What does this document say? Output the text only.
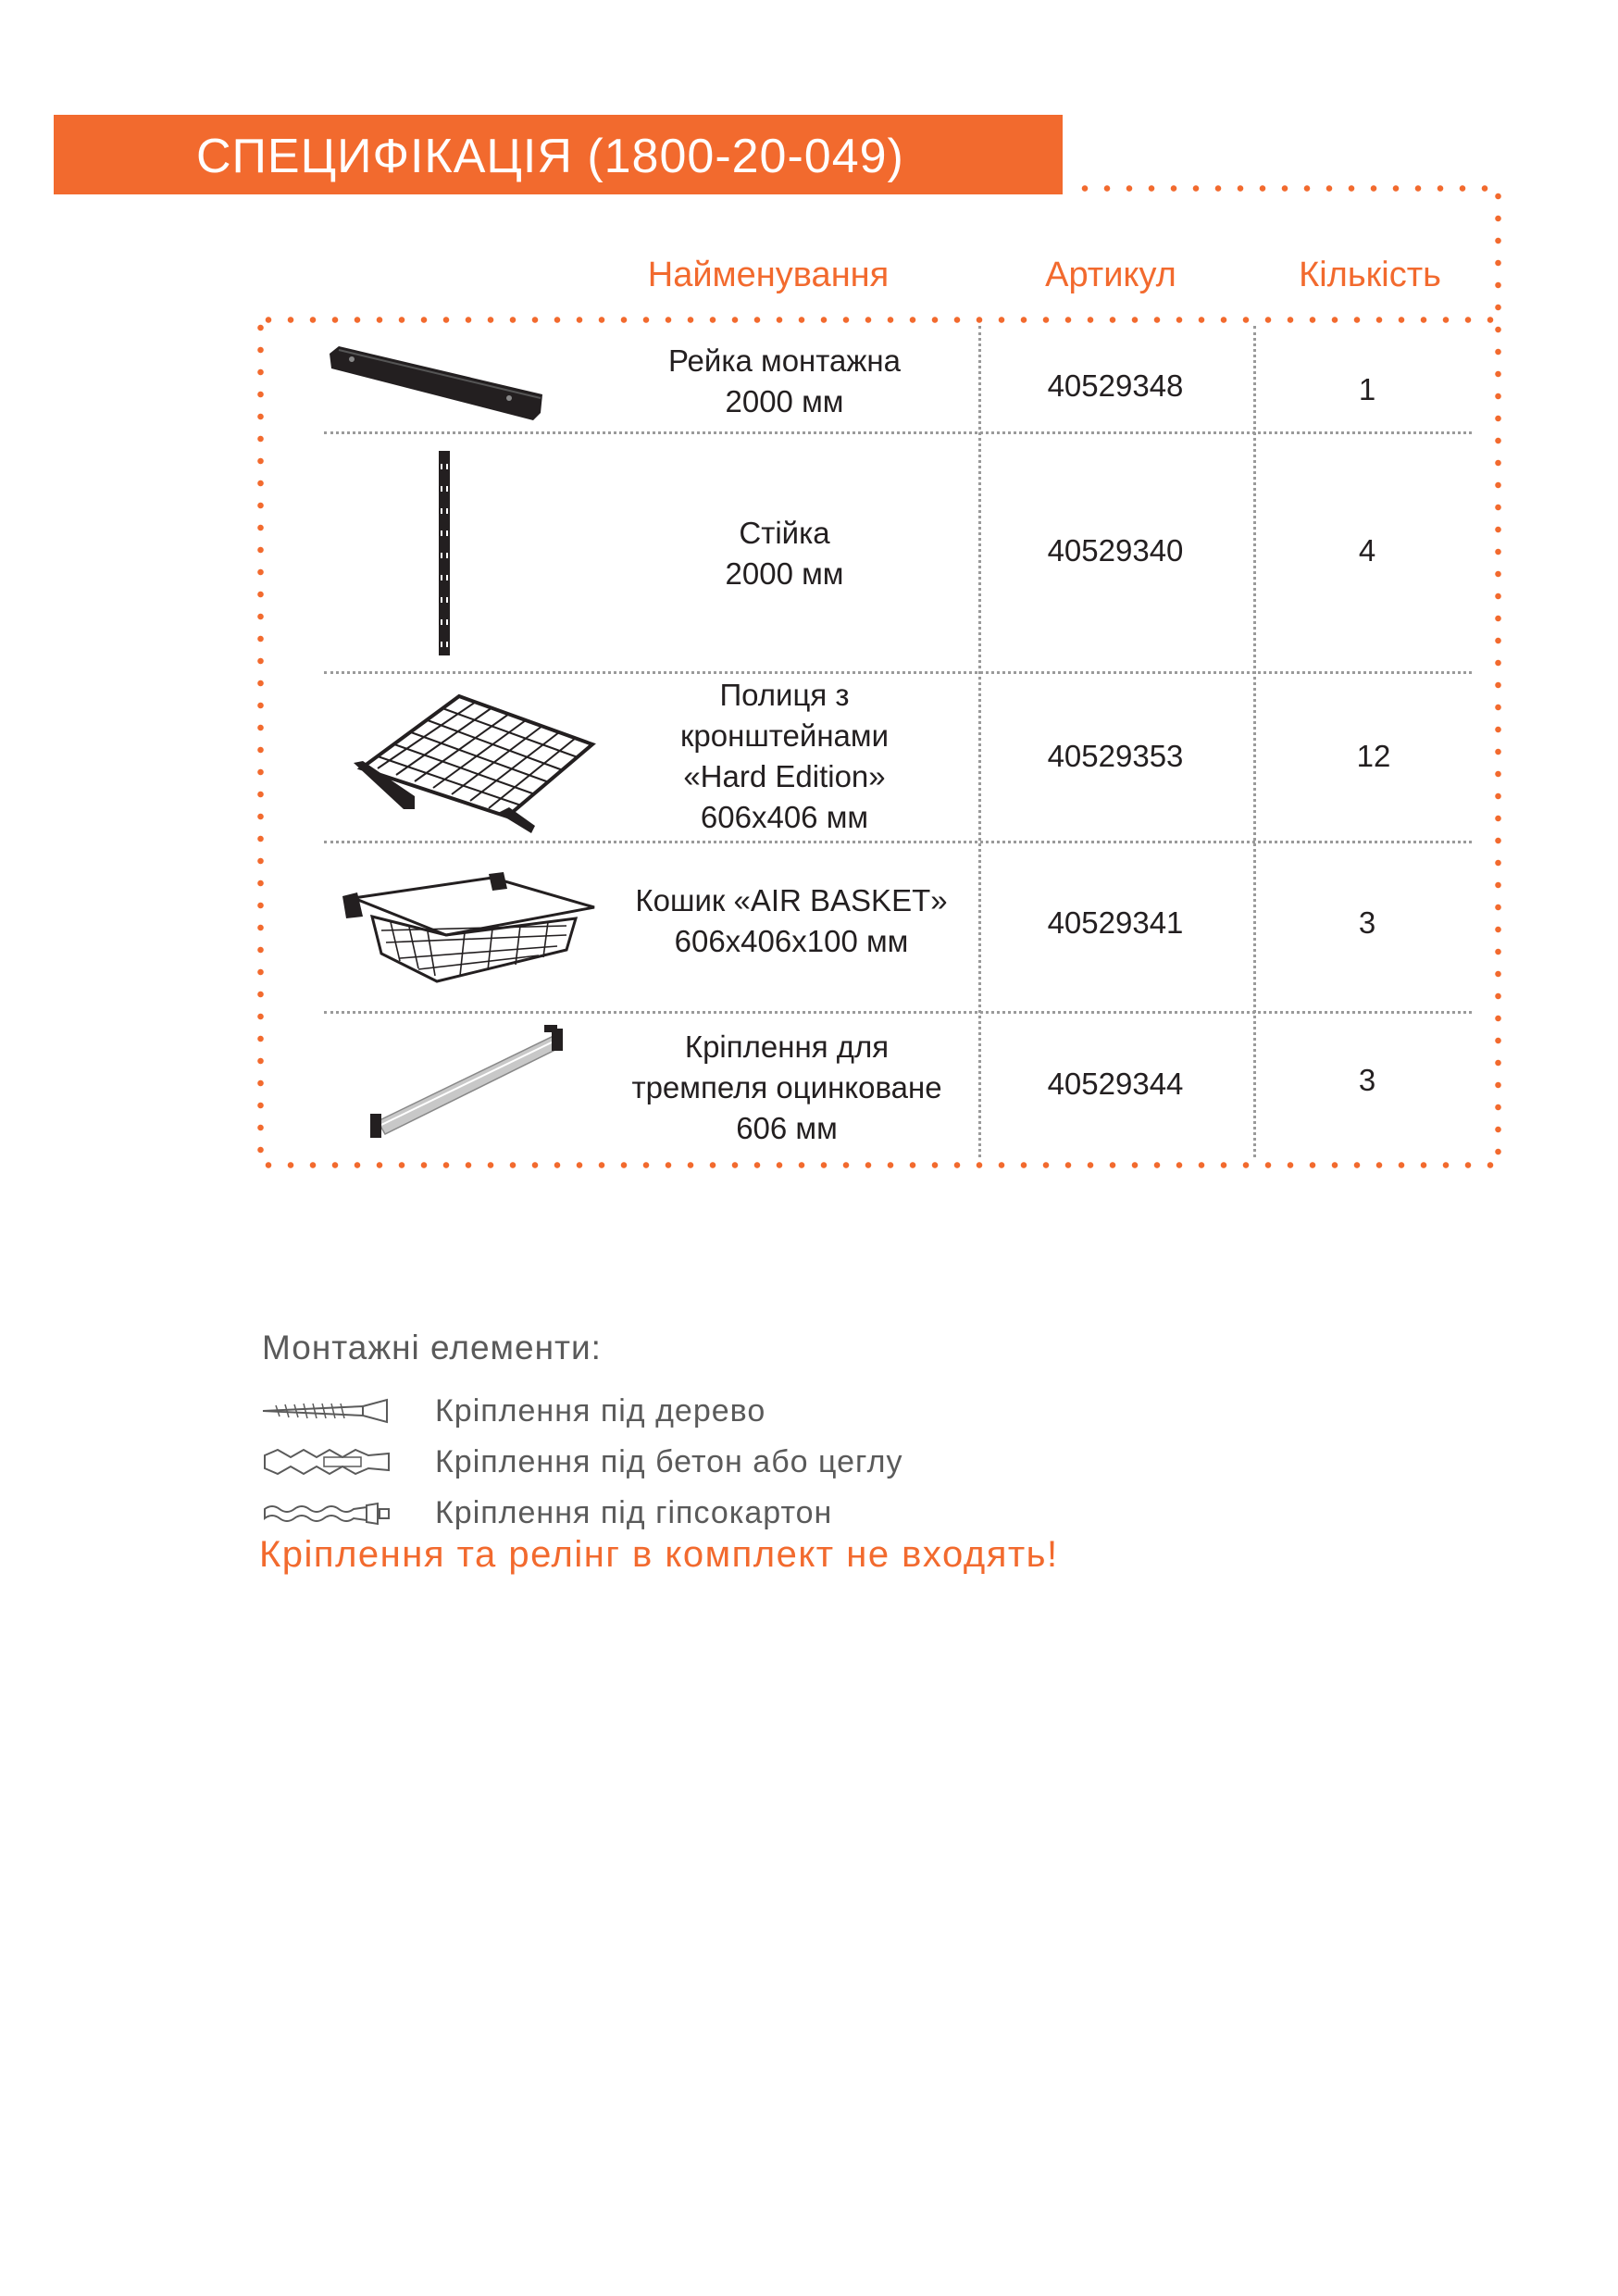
СПЕЦИФІКАЦІЯ (1800-20-049)
Найменування	Артикул	Кількість
Рейка монтажна
2000 мм	40529348	1
Стійка
2000 мм
40529340	4
Полиця з
кронштейнами
«Hard Edition»
606х406 мм
40529353	12
Кошик «AIR BASKET»
606х406х100 мм
40529341	3
Кріплення для
тремпеля оцинковане
606 мм
40529344	3
Монтажні елементи:
Кріплення під дерево
Кріплення під бетон або цеглу
Кріплення під гіпсокартон
Кріплення та релінг в комплект не входять!
